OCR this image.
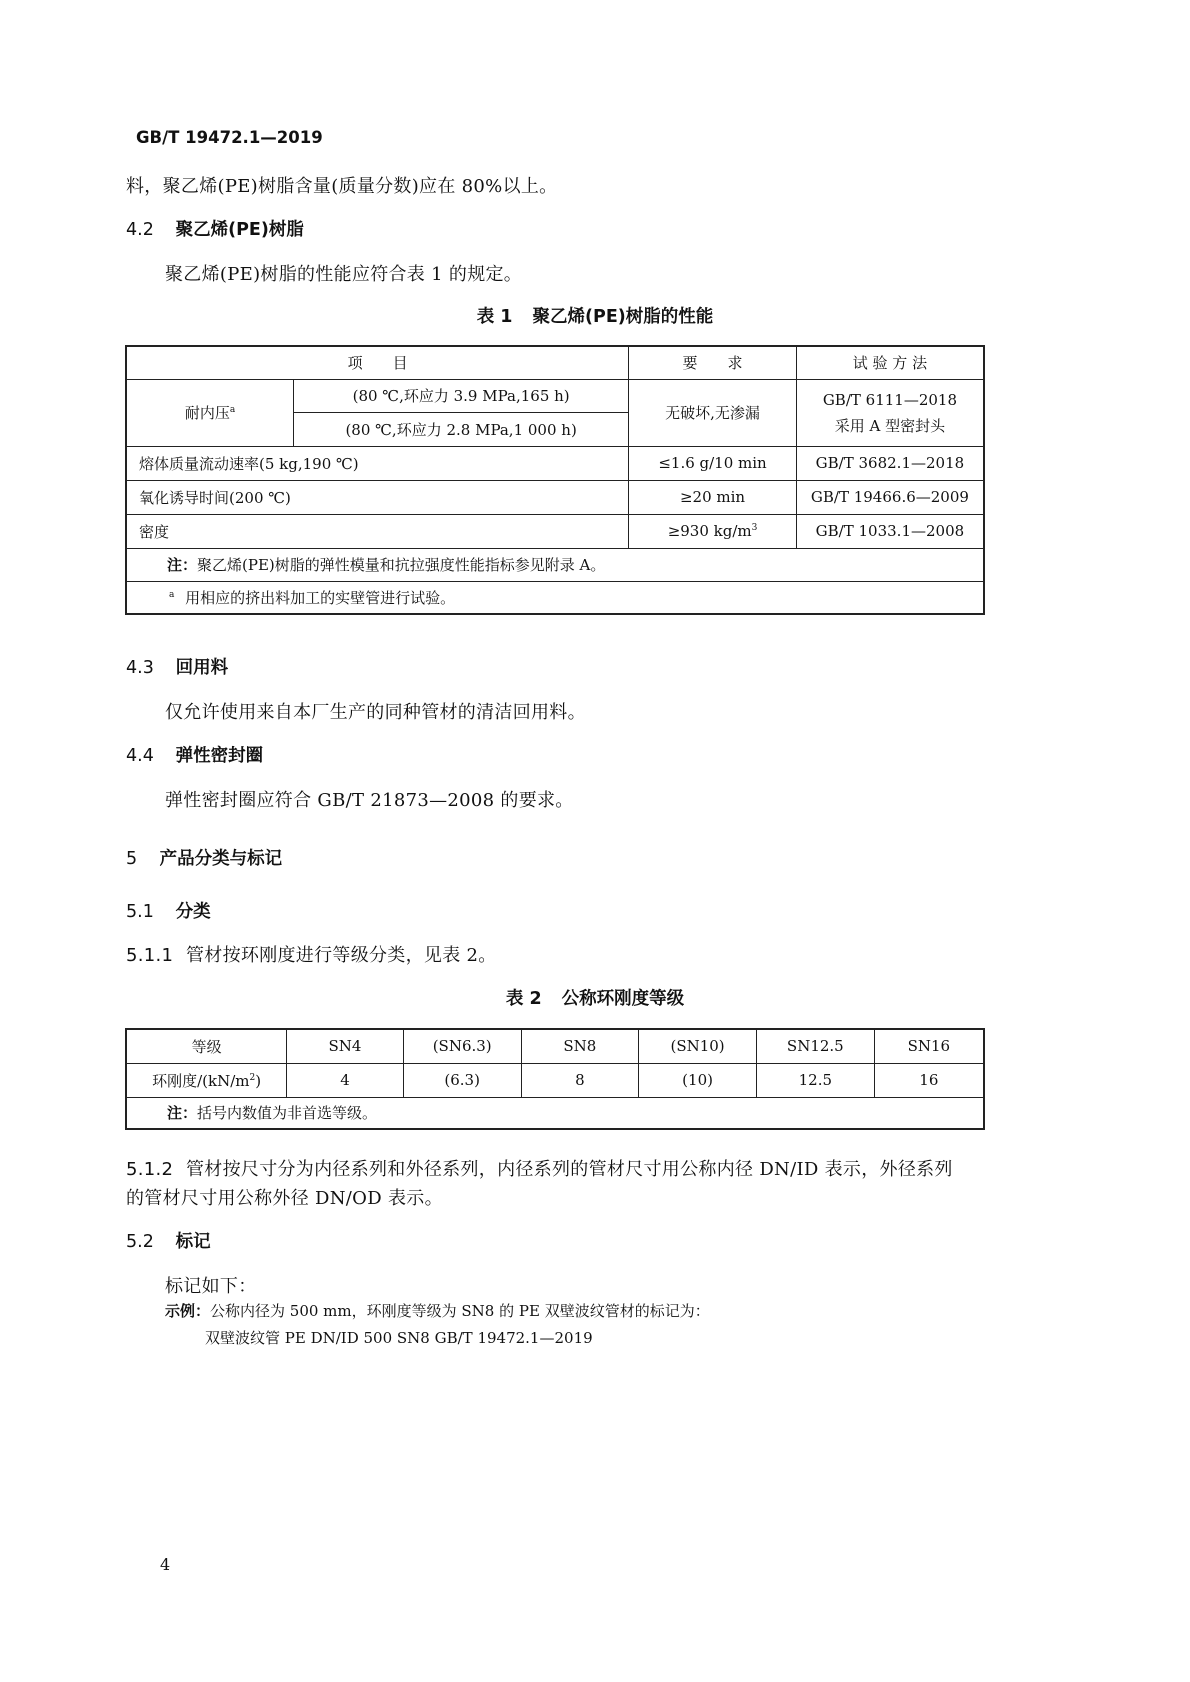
GB/T 19472.1—2019

料，聚乙烯(PE)树脂含量(质量分数)应在 80%以上。

4.2 聚乙烯(PE)树脂

聚乙烯(PE)树脂的性能应符合表 1 的规定。

表 1 聚乙烯(PE)树脂的性能

项　　目		要　　求	试 验 方 法
耐内压$^a$	(80 ℃,环应力 3.9 MPa,165 h)	无破坏,无渗漏	GB/T 6111—2018
采用 A 型密封头

	(80 ℃,环应力 2.8 MPa,1 000 h)		
熔体质量流动速率(5 kg,190 ℃)		≤1.6 g/10 min	GB/T 3682.1—2018
氧化诱导时间(200 ℃)		≥20 min	GB/T 19466.6—2009
密度		≥930 $kg/m^3$	GB/T 1033.1—2008
注：聚乙烯(PE)树脂的弹性模量和抗拉强度性能指标参见附录 A。			
$^a$ 用相应的挤出料加工的实壁管进行试验。			

4.3 回用料

仅允许使用来自本厂生产的同种管材的清洁回用料。

4.4 弹性密封圈

弹性密封圈应符合 GB/T 21873—2008 的要求。

5 产品分类与标记

5.1 分类

5.1.1 管材按环刚度进行等级分类，见表 2。

表 2 公称环刚度等级

等级	SN4	(SN6.3)	SN8	(SN10)	SN12.5	SN16
环刚度$/(kN/m^2)$	4	(6.3)	8	(10)	12.5	16
注：括号内数值为非首选等级。						

5.1.2 管材按尺寸分为内径系列和外径系列，内径系列的管材尺寸用公称内径 DN/ID 表示，外径系列

的管材尺寸用公称外径 DN/OD 表示。

5.2 标记

标记如下：

示例：公称内径为 500 mm，环刚度等级为 SN8 的 PE 双壁波纹管材的标记为：

双壁波纹管 PE DN/ID 500 SN8 GB/T 19472.1—2019

4
